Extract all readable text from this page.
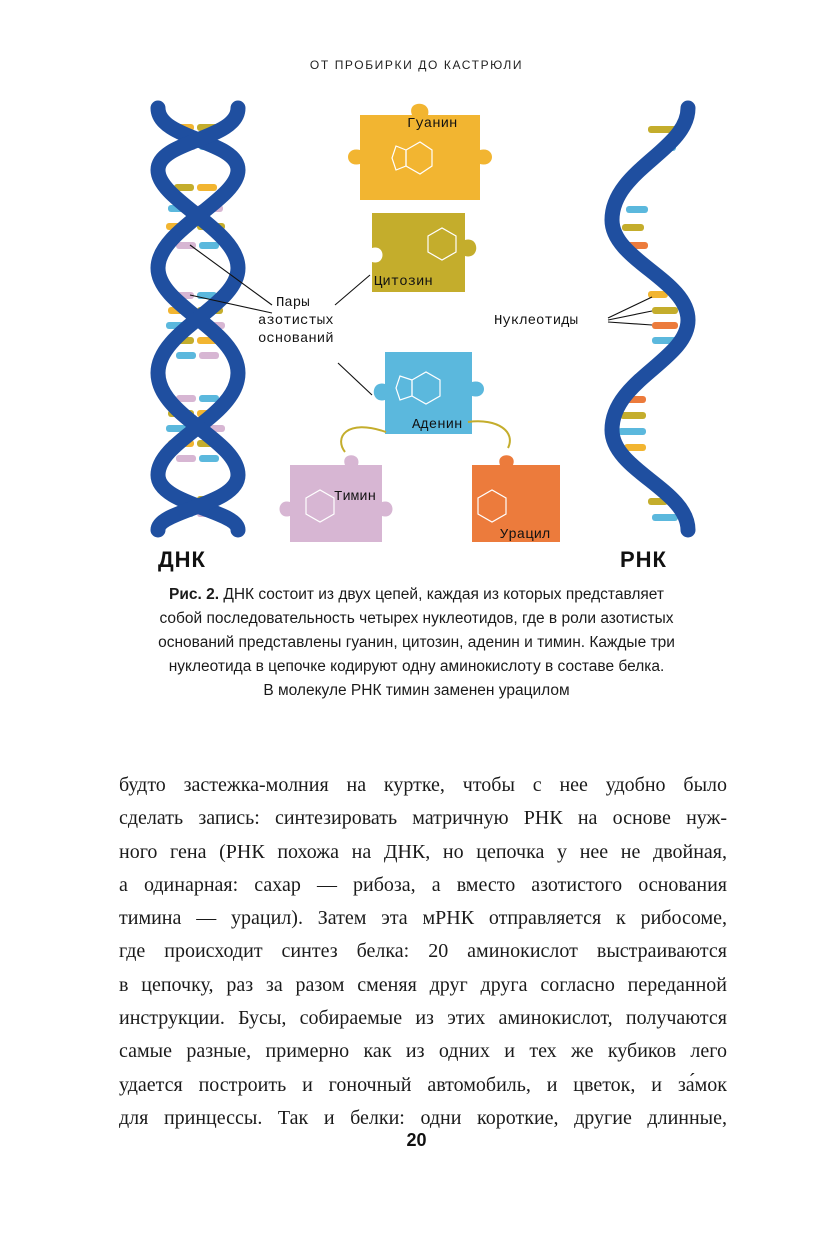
ОТ ПРОБИРКИ ДО КАСТРЮЛИ
Гуанин
Цитозин
Аденин
Тимин
Урацил
Пары
азотистых
оснований
Нуклеотиды
ДНК	РНК
Рис. 2. ДНК состоит из двух цепей, каждая из которых представляет
собой последовательность четырех нуклеотидов, где в роли азотистых
оснований представлены гуанин, цитозин, аденин и тимин. Каждые три
нуклеотида в цепочке кодируют одну аминокислоту в составе белка.
В молекуле РНК тимин заменен урацилом
будто застежка-молния на куртке, чтобы с нее удобно было
сделать запись: синтезировать матричную РНК на основе нуж-
ного гена (РНК похожа на ДНК, но цепочка у нее не двойная,
а одинарная: сахар — рибоза, а вместо азотистого основания
тимина — урацил). Затем эта мРНК отправляется к рибосоме,
где происходит синтез белка: 20 аминокислот выстраиваются
в цепочку, раз за разом сменяя друг друга согласно переданной
инструкции. Бусы, собираемые из этих аминокислот, получаются
самые разные, примерно как из одних и тех же кубиков лего
удается построить и гоночный автомобиль, и цветок, и за́мок
для принцессы. Так и белки: одни короткие, другие длинные,
20
